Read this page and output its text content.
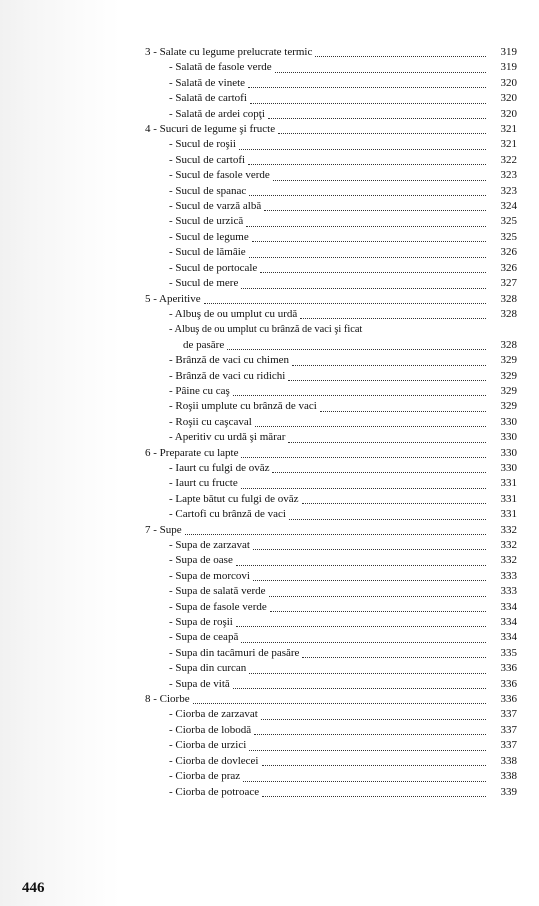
3 - Salate cu legume prelucrate termic	319
- Salată de fasole verde	319
- Salată de vinete	320
- Salată de cartofi	320
- Salată de ardei copţi	320
4 - Sucuri de legume şi fructe	321
- Sucul de roşii	321
- Sucul de cartofi	322
- Sucul de fasole verde	323
- Sucul de spanac	323
- Sucul de varză albă	324
- Sucul de urzică	325
- Sucul de legume	325
- Sucul de lămâie	326
- Sucul de portocale	326
- Sucul de mere	327
5 - Aperitive	328
- Albuş de ou umplut cu urdă	328
- Albuş de ou umplut cu brânză de vaci şi ficat
de pasăre	328
- Brânză de vaci cu chimen	329
- Brânză de vaci cu ridichi	329
- Pâine cu caş	329
- Roşii umplute cu brânză de vaci	329
- Roşii cu caşcaval	330
- Aperitiv cu urdă şi mărar	330
6 - Preparate cu lapte	330
- Iaurt cu fulgi de ovăz	330
- Iaurt cu fructe	331
- Lapte bătut cu fulgi de ovăz	331
- Cartofi cu brânză de vaci	331
7 - Supe	332
- Supa de zarzavat	332
- Supa de oase	332
- Supa de morcovi	333
- Supa de salată verde	333
- Supa de fasole verde	334
- Supa de roşii	334
- Supa de ceapă	334
- Supa din tacâmuri de pasăre	335
- Supa din curcan	336
- Supa de vită	336
8 - Ciorbe	336
- Ciorba de zarzavat	337
- Ciorba de lobodă	337
- Ciorba de urzici	337
- Ciorba de dovlecei	338
- Ciorba de praz	338
- Ciorba de potroace	339
446
